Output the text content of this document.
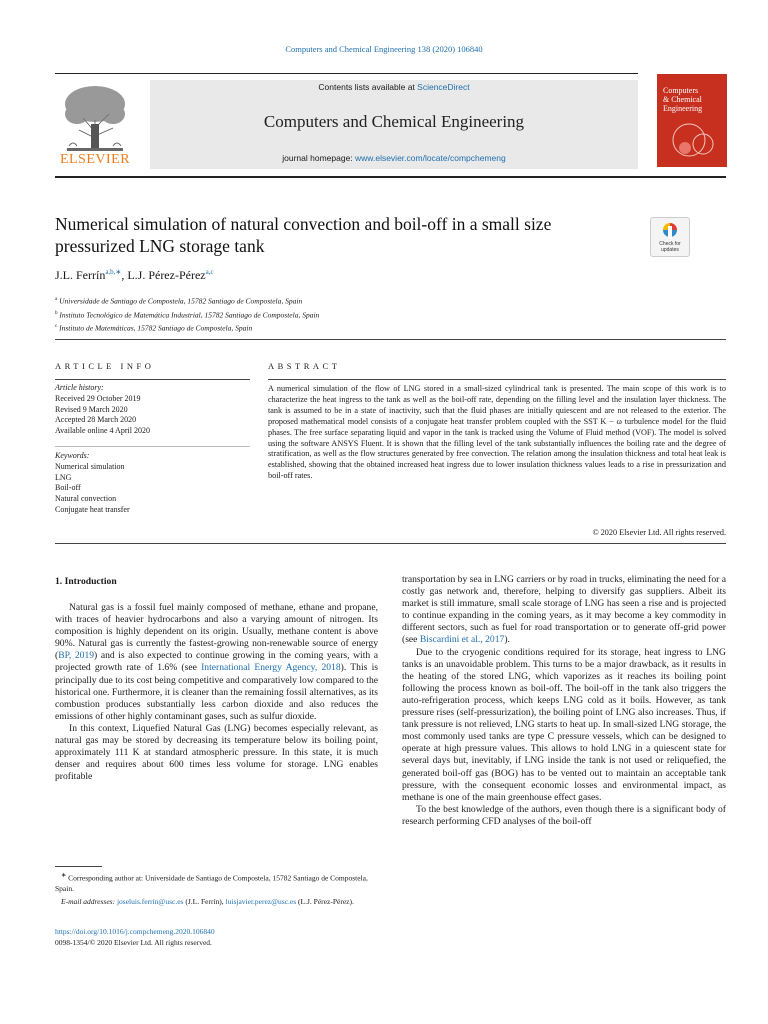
Computers and Chemical Engineering 138 (2020) 106840
ELSEVIER
Contents lists available at ScienceDirect
Computers and Chemical Engineering
journal homepage: www.elsevier.com/locate/compchemeng
Computers
& Chemical
Engineering
Numerical simulation of natural convection and boil-off in a small size
pressurized LNG storage tank	Check for
updates
J.L. Ferrín$^{a,b,∗}$, L.J. Pérez-Pérez$^{a,c}$
$^a$ Universidade de Santiago de Compostela, 15782 Santiago de Compostela, Spain
$^b$ Instituto Tecnológico de Matemática Industrial, 15782 Santiago de Compostela, Spain
$^c$ Instituto de Matemáticas, 15782 Santiago de Compostela, Spain
ARTICLE INFO	ABSTRACT
Article history:
Received 29 October 2019
Revised 9 March 2020
Accepted 28 March 2020
Available online 4 April 2020
Keywords:
Numerical simulation
LNG
Boil-off
Natural convection
Conjugate heat transfer
A numerical simulation of the flow of LNG stored in a small-sized cylindrical tank is presented. The main scope of this work is to characterize the heat ingress to the tank as well as the boil-off rate, depending on the filling level and the insulation layer thickness. The tank is assumed to be in a state of inactivity, such that the fluid phases are initially quiescent and are not released to the exterior. The proposed mathematical model consists of a conjugate heat transfer problem coupled with the SST K − ω turbulence model for the fluid phases. The free surface separating liquid and vapor in the tank is tracked using the Volume of Fluid method (VOF). The model is solved using the software ANSYS Fluent. It is shown that the filling level of the tank substantially influences the boiling rate and the degree of stratification, as well as the flow structures generated by free convection. The relation among the insulation thickness and total heat leak is established, showing that the obtained increased heat ingress due to lower insulation thickness values leads to a rise in pressurization and boil-off rates.
© 2020 Elsevier Ltd. All rights reserved.
1. Introduction

Natural gas is a fossil fuel mainly composed of methane, ethane and propane, with traces of heavier hydrocarbons and also a varying amount of nitrogen. Its composition is highly dependent on its origin. Usually, methane content is above 90%. Natural gas is currently the fastest-growing non-renewable source of energy (BP, 2019) and is also expected to continue growing in the coming years, with a projected growth rate of 1.6% (see International Energy Agency, 2018). This is principally due to its cost being competitive and comparatively low compared to the historical one. Furthermore, it is cleaner than the remaining fossil alternatives, as its combustion produces substantially less carbon dioxide and also reduces the emissions of other highly contaminant gases, such as sulfur dioxide.

In this context, Liquefied Natural Gas (LNG) becomes especially relevant, as natural gas may be stored by decreasing its temperature below its boiling point, approximately 111 K at standard atmospheric pressure. In this state, it is much denser and requires about 600 times less volume for storage. LNG enables profitable

transportation by sea in LNG carriers or by road in trucks, eliminating the need for a costly gas network and, therefore, helping to diversify gas suppliers. Albeit its market is still immature, small scale storage of LNG has seen a rise and is projected to continue expanding in the coming years, as it may become a key commodity in different sectors, such as fuel for road transportation or to generate off-grid power (see Biscardini et al., 2017).

Due to the cryogenic conditions required for its storage, heat ingress to LNG tanks is an unavoidable problem. This turns to be a major drawback, as it results in the heating of the stored LNG, which vaporizes as it reaches its boiling point following the process known as boil-off. The boil-off in the tank also triggers the auto-refrigeration process, which keeps LNG cold as it boils. However, as tank pressure rises (self-pressurization), the boiling point of LNG also increases. Thus, if tank pressure is not relieved, LNG starts to heat up. In small-sized LNG storage, the most commonly used tanks are type C pressure vessels, which can be designed to operate at high pressure values. This allows to hold LNG in a quiescent state for several days but, inevitably, if LNG inside the tank is not used or reliquefied, the generated boil-off gas (BOG) has to be vented out to maintain an acceptable tank pressure, with the consequent economic losses and environmental impact, as methane is one of the main greenhouse effect gases.

To the best knowledge of the authors, even though there is a significant body of research performing CFD analyses of the boil-off

∗ Corresponding author at: Universidade de Santiago de Compostela, 15782 Santiago de Compostela, Spain.

E-mail addresses: joseluis.ferrin@usc.es (J.L. Ferrín), luisjavier.perez@usc.es (L.J. Pérez-Pérez).

https://doi.org/10.1016/j.compchemeng.2020.106840
0098-1354/© 2020 Elsevier Ltd. All rights reserved.
